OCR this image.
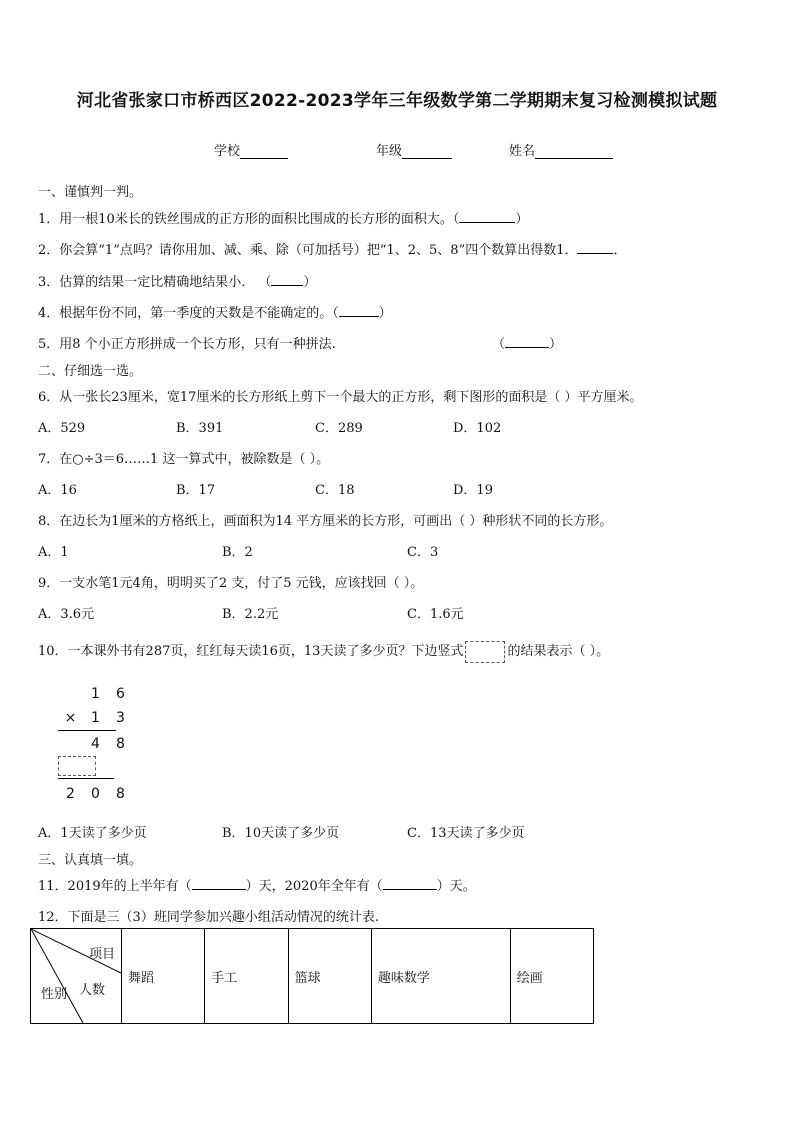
河北省张家口市桥西区2022-2023学年三年级数学第二学期期末复习检测模拟试题
学校	年级	姓名
一、谨慎判一判。
1．用一根10米长的铁丝围成的正方形的面积比围成的长方形的面积大。（	）
2．你会算“1”点吗？请你用加、减、乘、除（可加括号）把“1、2、5、8”四个数算出得数1．	．
3．估算的结果一定比精确地结果小． （ ）
4．根据年份不同，第一季度的天数是不能确定的。（	）
5．用8 个小正方形拼成一个长方形，只有一种拼法.	（	）
二、仔细选一选。
6．从一张长23厘米，宽17厘米的长方形纸上剪下一个最大的正方形，剩下图形的面积是（ ）平方厘米。
A．529	B．391	C．289	D．102
7．在○÷3＝6……1 这一算式中，被除数是（ ）。
A．16	B．17	C．18	D．19
8．在边长为1厘米的方格纸上，画面积为14 平方厘米的长方形，可画出（ ）种形状不同的长方形。
A．1	B．2	C．3
9．一支水笔1元4角，明明买了2 支，付了5 元钱，应该找回（ ）。
A．3.6元	B．2.2元	C．1.6元
10．一本课外书有287页，红红每天读16页，13天读了多少页？下边竖式	的结果表示（ ）。
1	6
×	1	3
4	8
2	0	8
A．1天读了多少页	B．10天读了多少页	C．13天读了多少页
三、认真填一填。
11．2019年的上半年有（	）天，2020年全年有（	）天。
12．下面是三（3）班同学参加兴趣小组活动情况的统计表.
项目
人数
性别
	舞蹈	手工	篮球	趣味数学	绘画
